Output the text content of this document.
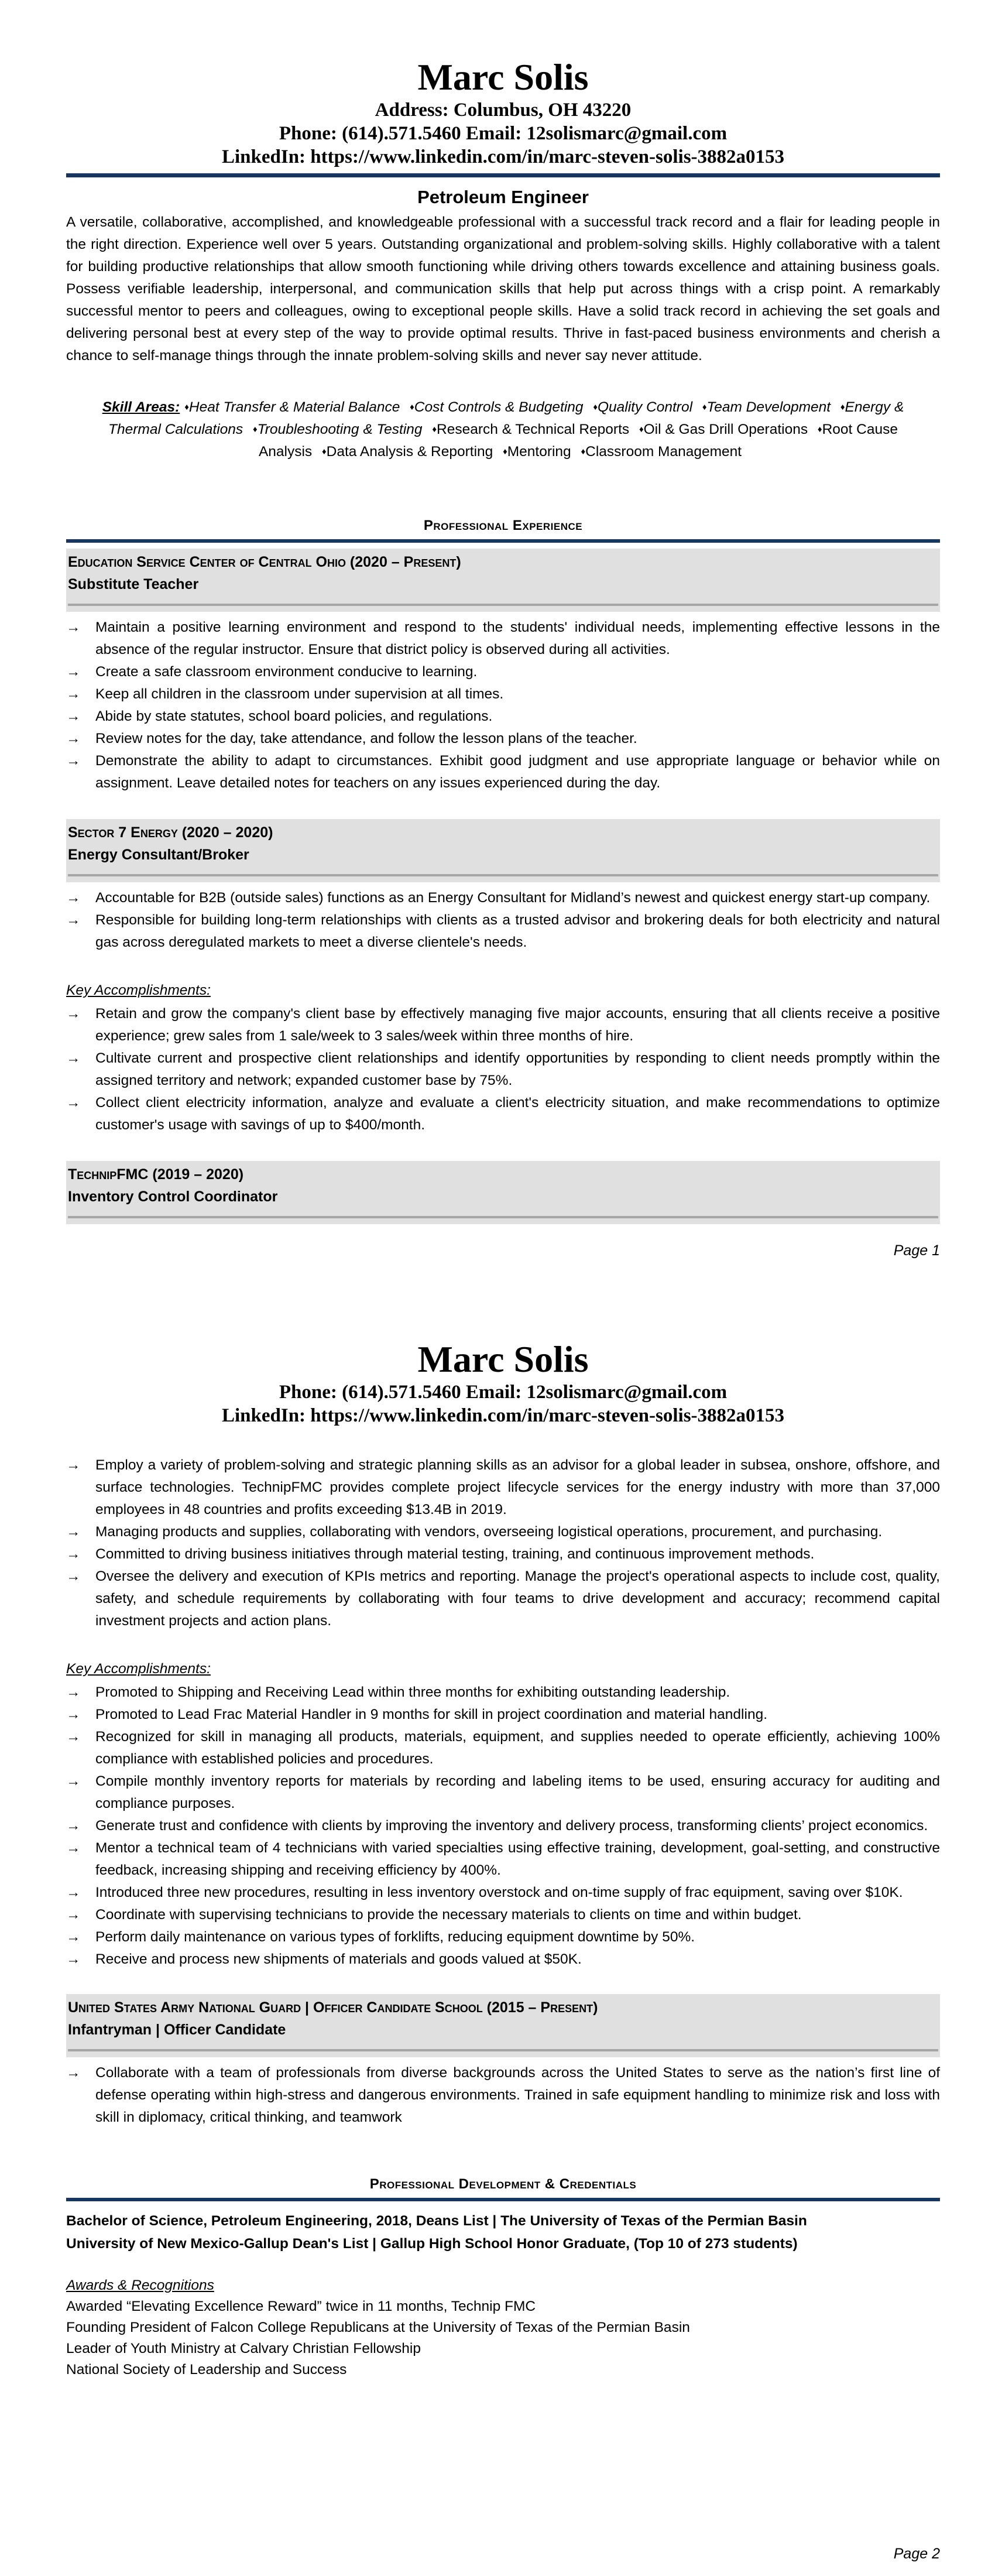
Marc Solis
Address: Columbus, OH 43220
Phone: (614).571.5460 Email: 12solismarc@gmail.com
LinkedIn: https://www.linkedin.com/in/marc-steven-solis-3882a0153
Petroleum Engineer

A versatile, collaborative, accomplished, and knowledgeable professional with a successful track record and a flair for leading people in the right direction. Experience well over 5 years. Outstanding organizational and problem-solving skills. Highly collaborative with a talent for building productive relationships that allow smooth functioning while driving others towards excellence and attaining business goals. Possess verifiable leadership, interpersonal, and communication skills that help put across things with a crisp point. A remarkably successful mentor to peers and colleagues, owing to exceptional people skills. Have a solid track record in achieving the set goals and delivering personal best at every step of the way to provide optimal results. Thrive in fast-paced business environments and cherish a chance to self-manage things through the innate problem-solving skills and never say never attitude.

Skill Areas: ♦Heat Transfer & Material Balance ♦Cost Controls & Budgeting ♦Quality Control ♦Team Development ♦Energy & Thermal Calculations ♦Troubleshooting & Testing ♦Research & Technical Reports ♦Oil & Gas Drill Operations ♦Root Cause Analysis ♦Data Analysis & Reporting ♦Mentoring ♦Classroom Management
Professional Experience
Education Service Center of Central Ohio (2020 – Present)
Substitute Teacher
→ Maintain a positive learning environment and respond to the students' individual needs, implementing effective lessons in the absence of the regular instructor. Ensure that district policy is observed during all activities.
→ Create a safe classroom environment conducive to learning.
→ Keep all children in the classroom under supervision at all times.
→ Abide by state statutes, school board policies, and regulations.
→ Review notes for the day, take attendance, and follow the lesson plans of the teacher.
→ Demonstrate the ability to adapt to circumstances. Exhibit good judgment and use appropriate language or behavior while on assignment. Leave detailed notes for teachers on any issues experienced during the day.
Sector 7 Energy (2020 – 2020)
Energy Consultant/Broker
→ Accountable for B2B (outside sales) functions as an Energy Consultant for Midland’s newest and quickest energy start-up company.
→ Responsible for building long-term relationships with clients as a trusted advisor and brokering deals for both electricity and natural gas across deregulated markets to meet a diverse clientele's needs.
Key Accomplishments:
→ Retain and grow the company's client base by effectively managing five major accounts, ensuring that all clients receive a positive experience; grew sales from 1 sale/week to 3 sales/week within three months of hire.
→ Cultivate current and prospective client relationships and identify opportunities by responding to client needs promptly within the assigned territory and network; expanded customer base by 75%.
→ Collect client electricity information, analyze and evaluate a client's electricity situation, and make recommendations to optimize customer's usage with savings of up to $400/month.
TechnipFMC (2019 – 2020)
Inventory Control Coordinator
Page 1
Marc Solis
Phone: (614).571.5460 Email: 12solismarc@gmail.com
LinkedIn: https://www.linkedin.com/in/marc-steven-solis-3882a0153
→ Employ a variety of problem-solving and strategic planning skills as an advisor for a global leader in subsea, onshore, offshore, and surface technologies. TechnipFMC provides complete project lifecycle services for the energy industry with more than 37,000 employees in 48 countries and profits exceeding $13.4B in 2019.
→ Managing products and supplies, collaborating with vendors, overseeing logistical operations, procurement, and purchasing.
→ Committed to driving business initiatives through material testing, training, and continuous improvement methods.
→ Oversee the delivery and execution of KPIs metrics and reporting. Manage the project's operational aspects to include cost, quality, safety, and schedule requirements by collaborating with four teams to drive development and accuracy; recommend capital investment projects and action plans.
Key Accomplishments:
→ Promoted to Shipping and Receiving Lead within three months for exhibiting outstanding leadership.
→ Promoted to Lead Frac Material Handler in 9 months for skill in project coordination and material handling.
→ Recognized for skill in managing all products, materials, equipment, and supplies needed to operate efficiently, achieving 100% compliance with established policies and procedures.
→ Compile monthly inventory reports for materials by recording and labeling items to be used, ensuring accuracy for auditing and compliance purposes.
→ Generate trust and confidence with clients by improving the inventory and delivery process, transforming clients’ project economics.
→ Mentor a technical team of 4 technicians with varied specialties using effective training, development, goal-setting, and constructive feedback, increasing shipping and receiving efficiency by 400%.
→ Introduced three new procedures, resulting in less inventory overstock and on-time supply of frac equipment, saving over $10K.
→ Coordinate with supervising technicians to provide the necessary materials to clients on time and within budget.
→ Perform daily maintenance on various types of forklifts, reducing equipment downtime by 50%.
→ Receive and process new shipments of materials and goods valued at $50K.
United States Army National Guard | Officer Candidate School (2015 – Present)
Infantryman | Officer Candidate
→ Collaborate with a team of professionals from diverse backgrounds across the United States to serve as the nation’s first line of defense operating within high-stress and dangerous environments. Trained in safe equipment handling to minimize risk and loss with skill in diplomacy, critical thinking, and teamwork
Professional Development & Credentials
Bachelor of Science, Petroleum Engineering, 2018, Deans List | The University of Texas of the Permian Basin
University of New Mexico-Gallup Dean's List | Gallup High School Honor Graduate, (Top 10 of 273 students)
Awards & Recognitions
Awarded “Elevating Excellence Reward” twice in 11 months, Technip FMC
Founding President of Falcon College Republicans at the University of Texas of the Permian Basin
Leader of Youth Ministry at Calvary Christian Fellowship
National Society of Leadership and Success
Page 2
